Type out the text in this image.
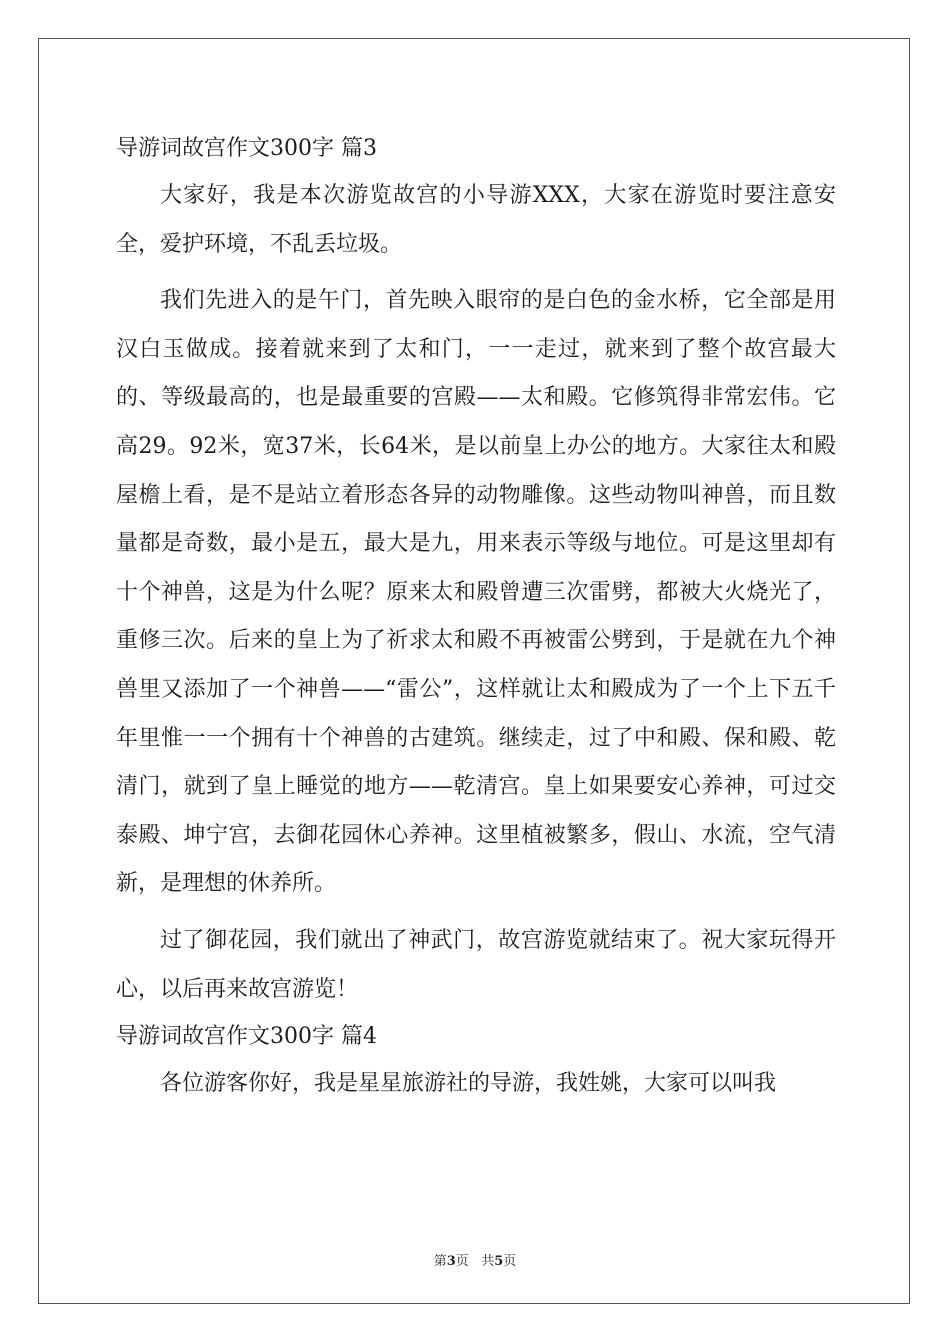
导游词故宫作文300字 篇3

大家好，我是本次游览故宫的小导游XXX，大家在游览时要注意安全，爱护环境，不乱丢垃圾。

我们先进入的是午门，首先映入眼帘的是白色的金水桥，它全部是用汉白玉做成。接着就来到了太和门，一一走过，就来到了整个故宫最大的、等级最高的，也是最重要的宫殿——太和殿。它修筑得非常宏伟。它高29。92米，宽37米，长64米，是以前皇上办公的地方。大家往太和殿屋檐上看，是不是站立着形态各异的动物雕像。这些动物叫神兽，而且数量都是奇数，最小是五，最大是九，用来表示等级与地位。可是这里却有十个神兽，这是为什么呢？原来太和殿曾遭三次雷劈，都被大火烧光了，重修三次。后来的皇上为了祈求太和殿不再被雷公劈到，于是就在九个神兽里又添加了一个神兽——“雷公”，这样就让太和殿成为了一个上下五千年里惟一一个拥有十个神兽的古建筑。继续走，过了中和殿、保和殿、乾清门，就到了皇上睡觉的地方——乾清宫。皇上如果要安心养神，可过交泰殿、坤宁宫，去御花园休心养神。这里植被繁多，假山、水流，空气清新，是理想的休养所。

过了御花园，我们就出了神武门，故宫游览就结束了。祝大家玩得开心，以后再来故宫游览！

导游词故宫作文300字 篇4

各位游客你好，我是星星旅游社的导游，我姓姚，大家可以叫我

第3页 共5页
